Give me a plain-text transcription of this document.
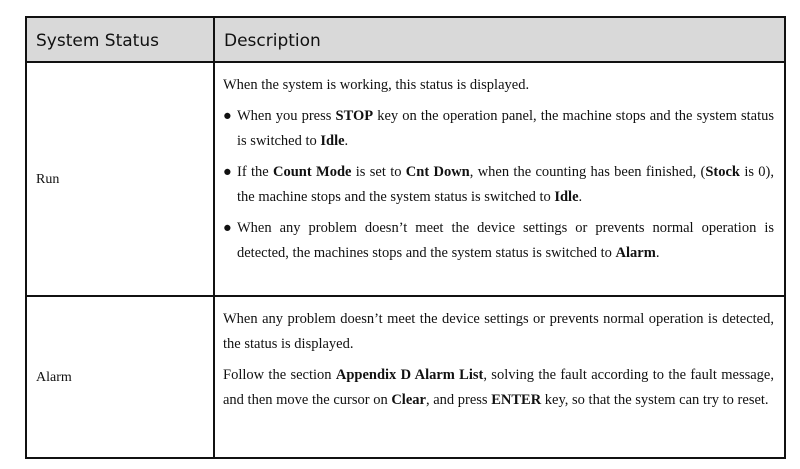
System Status	Description
Run

When the system is working, this status is displayed.

● When you press STOP key on the operation panel, the machine stops and the system status is switched to Idle.

● If the Count Mode is set to Cnt Down, when the counting has been finished, (Stock is 0), the machine stops and the system status is switched to Idle.

● When any problem doesn’t meet the device settings or prevents normal operation is detected, the machines stops and the system status is switched to Alarm.

Alarm

When any problem doesn’t meet the device settings or prevents normal operation is detected, the status is displayed.

Follow the section Appendix D Alarm List, solving the fault according to the fault message, and then move the cursor on Clear, and press ENTER key, so that the system can try to reset.
